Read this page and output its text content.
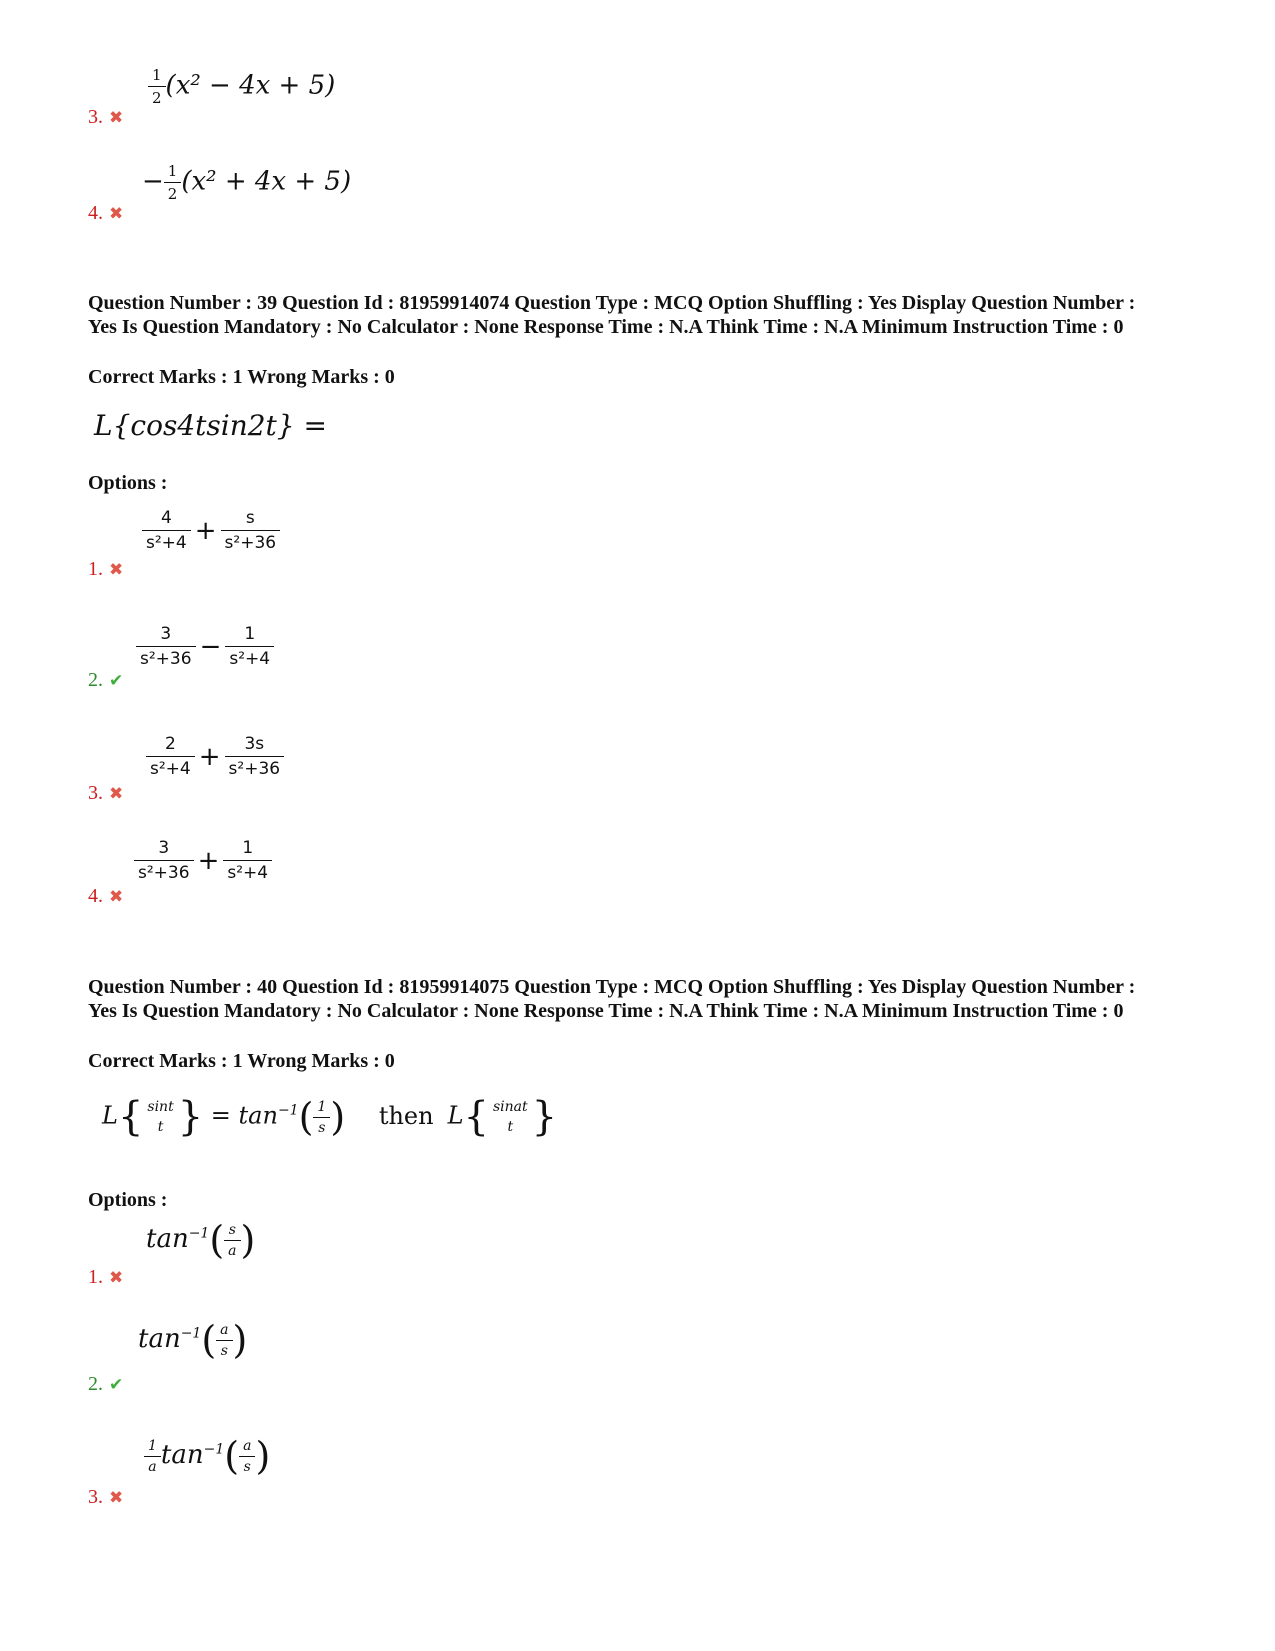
$\frac{1}{2} (x^2 - 4x + 5)$
3. ✖
− $\frac{1}{2} (x^2 + 4x + 5)$
4. ✖
Question Number : 39 Question Id : 81959914074 Question Type : MCQ Option Shuffling : Yes Display Question Number : Yes Is Question Mandatory : No Calculator : None Response Time : N.A Think Time : N.A Minimum Instruction Time : 0
Correct Marks : 1 Wrong Marks : 0
L{cos4tsin2t} =
Options :
$\frac{4}{\text{s²+4}} + \frac{s}{\text{s²+36}}$
1. ✖
$\frac{3}{\text{s²+36}} - \frac{1}{\text{s²+4}}$
2. ✔
$\frac{2}{\text{s²+4}} + \frac{3s}{\text{s²+36}}$
3. ✖
$\frac{3}{\text{s²+36}} + \frac{1}{\text{s²+4}}$
4. ✖
Question Number : 40 Question Id : 81959914075 Question Type : MCQ Option Shuffling : Yes Display Question Number : Yes Is Question Mandatory : No Calculator : None Response Time : N.A Think Time : N.A Minimum Instruction Time : 0
Correct Marks : 1 Wrong Marks : 0
L{ sint
t } = $\tan^{-1}( \frac{1}{s}$ ) then L{ sinat
t }
Options :
$\tan^{-1}( \frac{s}{a}$ )
1. ✖
$\tan^{-1}( \frac{a}{s}$ )
2. ✔
$\frac{1}{a} \tan^{-1}( \frac{a}{s}$ )
3. ✖
